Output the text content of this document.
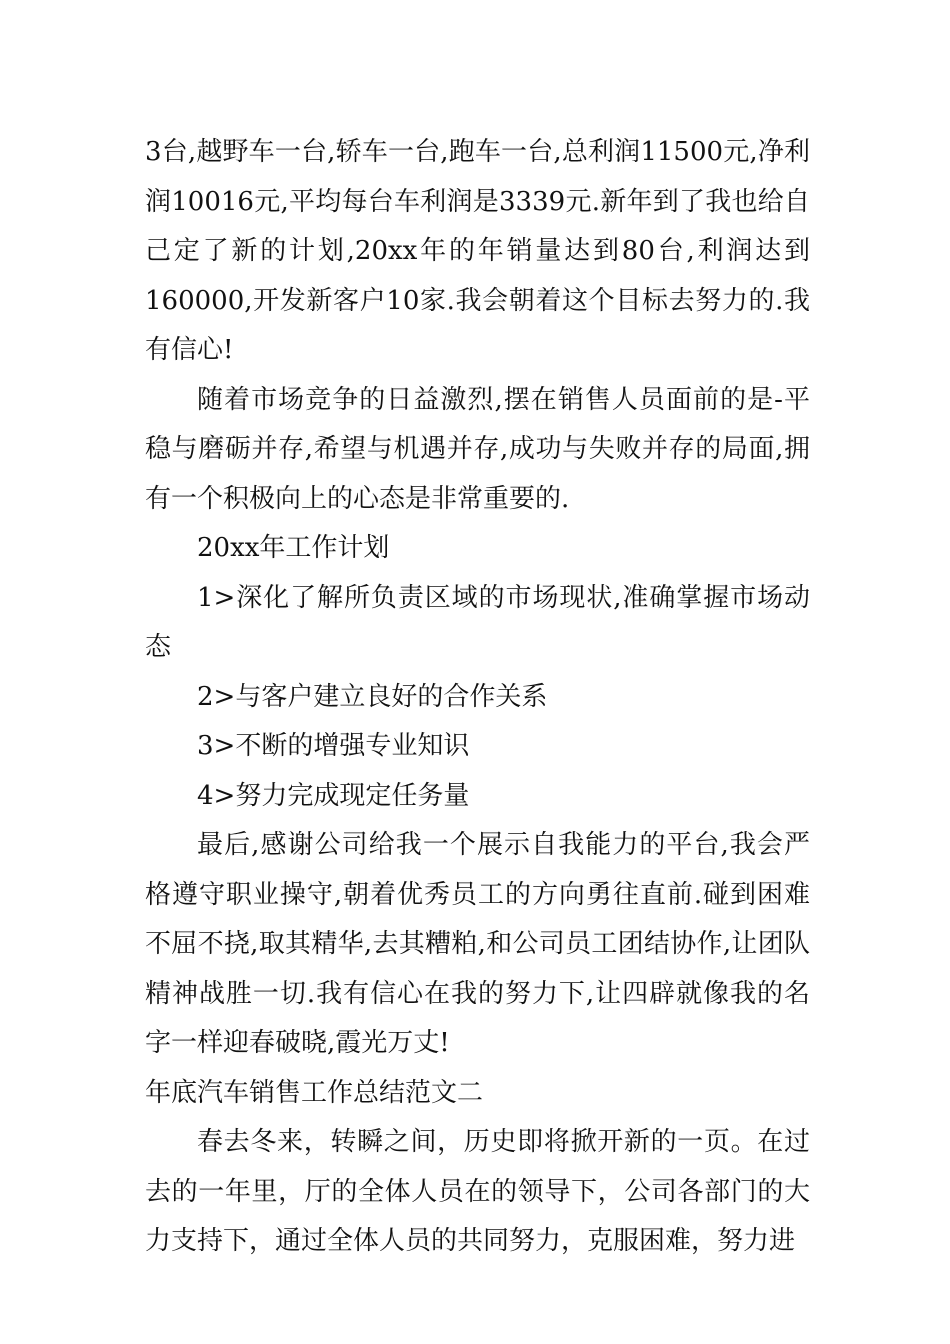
3台,越野车一台,轿车一台,跑车一台,总利润11500元,净利润10016元,平均每台车利润是3339元.新年到了我也给自己定了新的计划,20xx年的年销量达到80台,利润达到160000,开发新客户10家.我会朝着这个目标去努力的.我有信心!

随着市场竞争的日益激烈,摆在销售人员面前的是-平稳与磨砺并存,希望与机遇并存,成功与失败并存的局面,拥有一个积极向上的心态是非常重要的.

20xx年工作计划

1>深化了解所负责区域的市场现状,准确掌握市场动态

2>与客户建立良好的合作关系

3>不断的增强专业知识

4>努力完成现定任务量

最后,感谢公司给我一个展示自我能力的平台,我会严格遵守职业操守,朝着优秀员工的方向勇往直前.碰到困难不屈不挠,取其精华,去其糟粕,和公司员工团结协作,让团队精神战胜一切.我有信心在我的努力下,让四辟就像我的名字一样迎春破晓,霞光万丈!

年底汽车销售工作总结范文二

春去冬来，转瞬之间，历史即将掀开新的一页。在过去的一年里，厅的全体人员在的领导下，公司各部门的大力支持下，通过全体人员的共同努力，克服困难，努力进
